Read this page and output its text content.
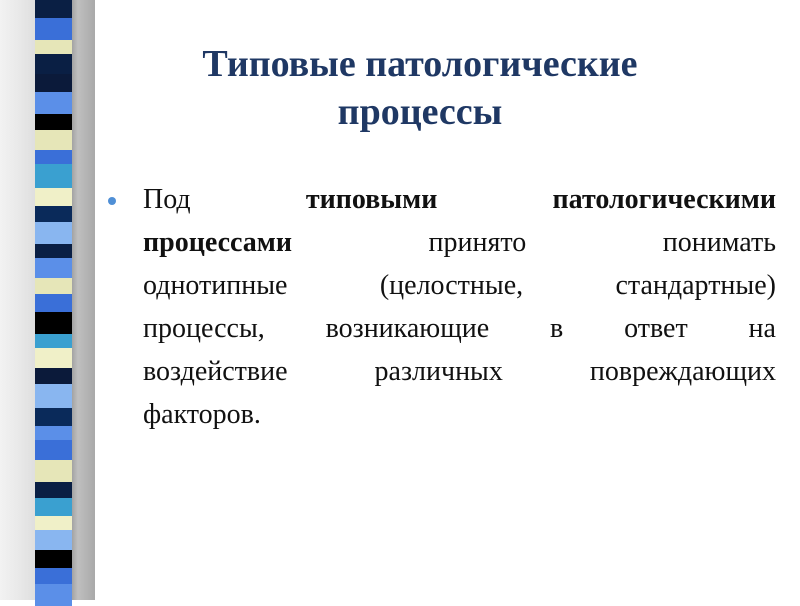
Типовые патологические
процессы
Под	типовыми	патологическими
процессами	принято	понимать
однотипные	(целостные,	стандартные)
процессы, возникающие в ответ на
воздействие	различных	повреждающих
факторов.
